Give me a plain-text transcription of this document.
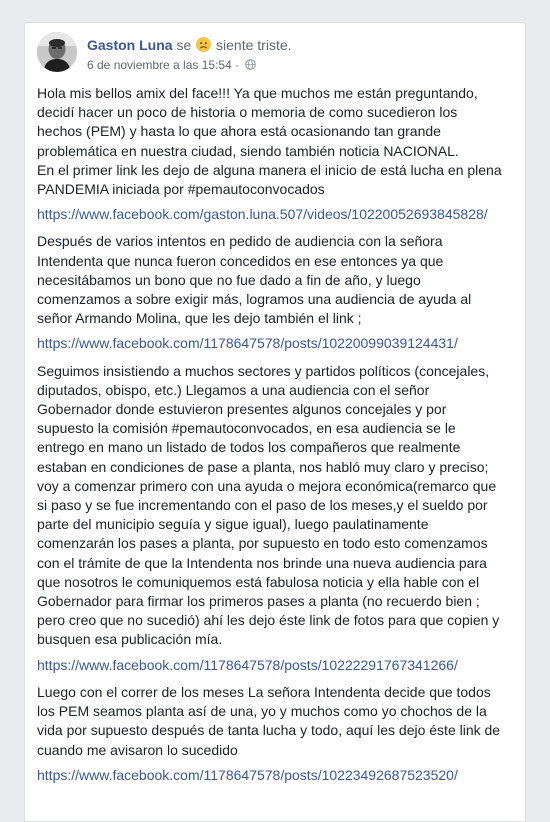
Gaston Luna se siente triste.
6 de noviembre a las 15:54 ·
Hola mis bellos amix del face!!! Ya que muchos me están preguntando,
decidí hacer un poco de historia o memoria de como sucedieron los
hechos (PEM) y hasta lo que ahora está ocasionando tan grande
problemática en nuestra ciudad, siendo también noticia NACIONAL.
En el primer link les dejo de alguna manera el inicio de está lucha en plena
PANDEMIA iniciada por #pemautoconvocados
https://www.facebook.com/gaston.luna.507/videos/10220052693845828/
Después de varios intentos en pedido de audiencia con la señora
Intendenta que nunca fueron concedidos en ese entonces ya que
necesitábamos un bono que no fue dado a fin de año, y luego
comenzamos a sobre exigir más, logramos una audiencia de ayuda al
señor Armando Molina, que les dejo también el link ;
https://www.facebook.com/1178647578/posts/10220099039124431/
Seguimos insistiendo a muchos sectores y partidos políticos (concejales,
diputados, obispo, etc.) Llegamos a una audiencia con el señor
Gobernador donde estuvieron presentes algunos concejales y por
supuesto la comisión #pemautoconvocados, en esa audiencia se le
entrego en mano un listado de todos los compañeros que realmente
estaban en condiciones de pase a planta, nos habló muy claro y preciso;
voy a comenzar primero con una ayuda o mejora económica(remarco que
si paso y se fue incrementando con el paso de los meses,y el sueldo por
parte del municipio seguía y sigue igual), luego paulatinamente
comenzarán los pases a planta, por supuesto en todo esto comenzamos
con el trámite de que la Intendenta nos brinde una nueva audiencia para
que nosotros le comuniquemos está fabulosa noticia y ella hable con el
Gobernador para firmar los primeros pases a planta (no recuerdo bien ;
pero creo que no sucedió) ahí les dejo éste link de fotos para que copien y
busquen esa publicación mía.
https://www.facebook.com/1178647578/posts/10222291767341266/
Luego con el correr de los meses La señora Intendenta decide que todos
los PEM seamos planta así de una, yo y muchos como yo chochos de la
vida por supuesto después de tanta lucha y todo, aquí les dejo éste link de
cuando me avisaron lo sucedido
https://www.facebook.com/1178647578/posts/10223492687523520/
